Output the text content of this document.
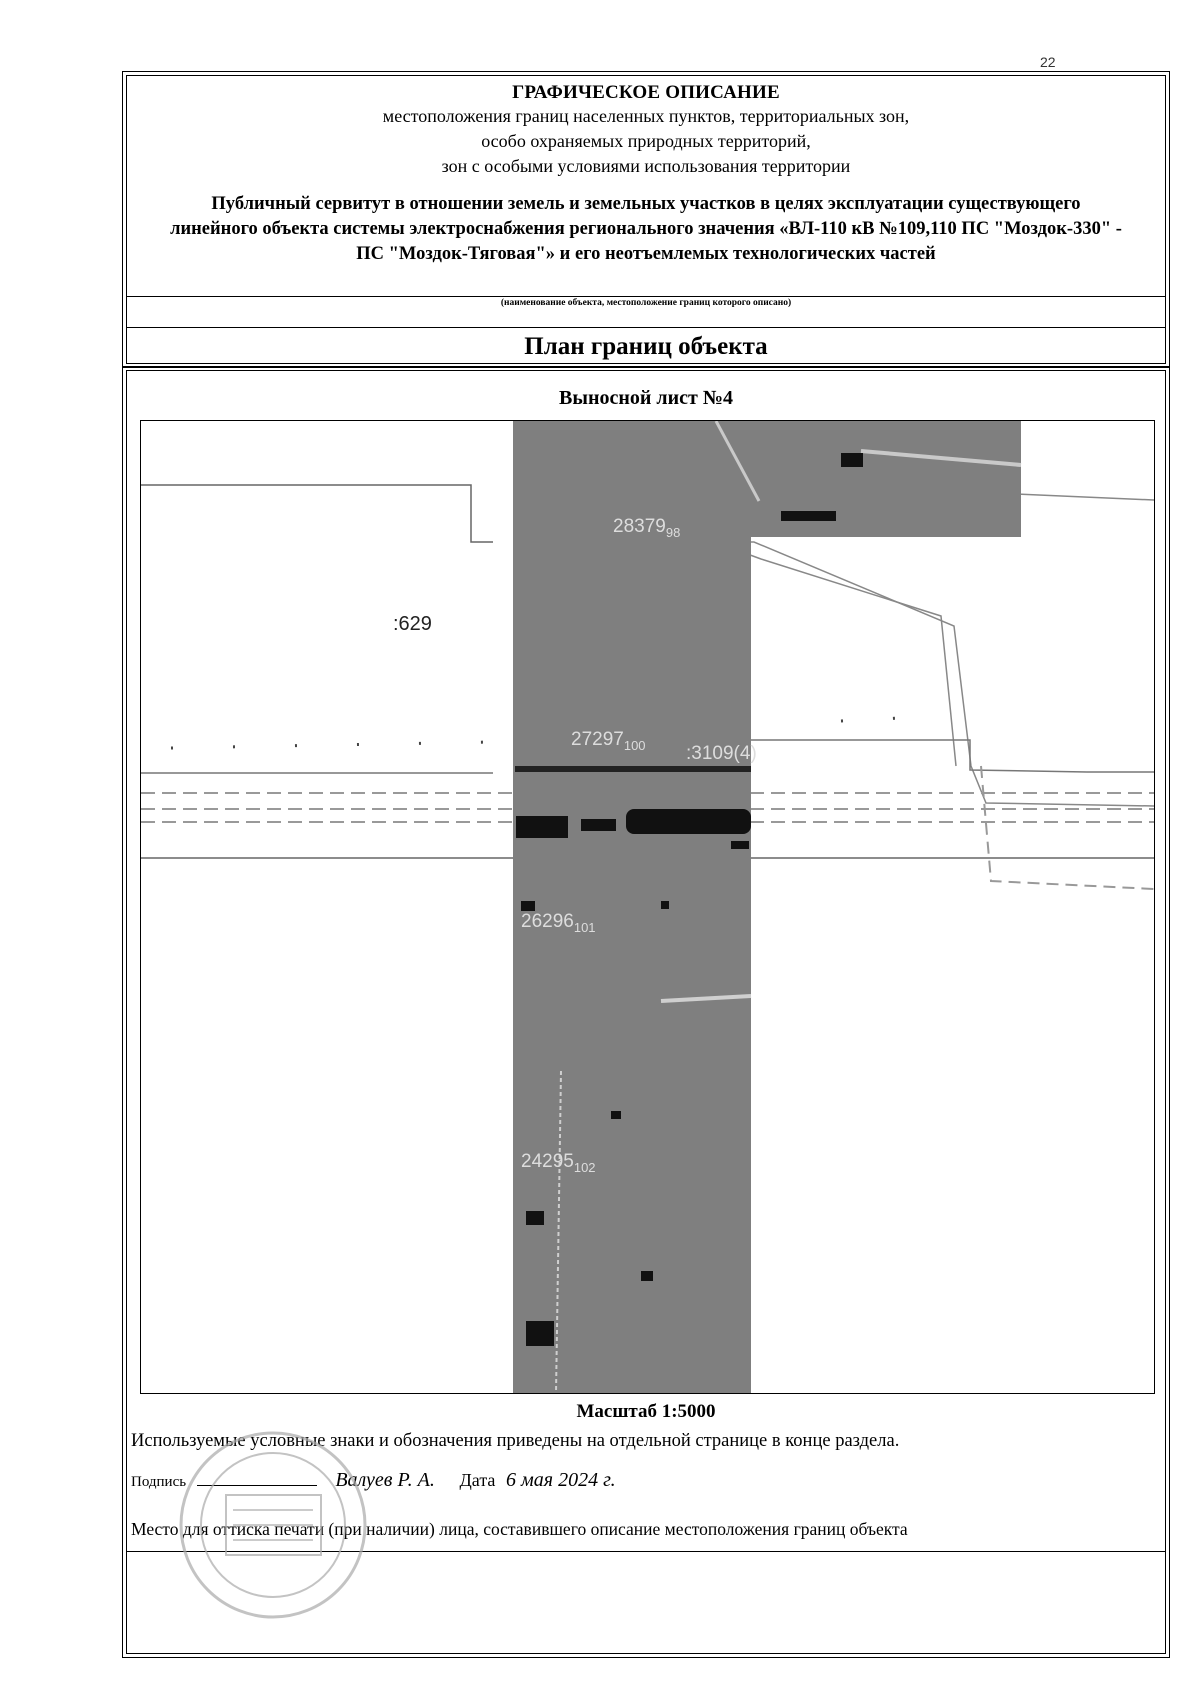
22
ГРАФИЧЕСКОЕ ОПИСАНИЕ
местоположения границ населенных пунктов, территориальных зон,
особо охраняемых природных территорий,
зон с особыми условиями использования территории
Публичный сервитут в отношении земель и земельных участков в целях эксплуатации существующего линейного объекта системы электроснабжения регионального значения «ВЛ-110 кВ №109,110 ПС "Моздок-330" - ПС "Моздок-Тяговая"» и его неотъемлемых технологических частей
(наименование объекта, местоположение границ которого описано)
План границ объекта
Выносной лист №4
:629
$28379_{98}$
$27297_{100}$ :3109(4)
$26296_{101}$
$24295_{102}$
Масштаб 1:5000
Используемые условные знаки и обозначения приведены на отдельной странице в конце раздела.
Подпись	Валуев Р. А. Дата 6 мая 2024 г.
Место для оттиска печати (при наличии) лица, составившего описание местоположения границ объекта
